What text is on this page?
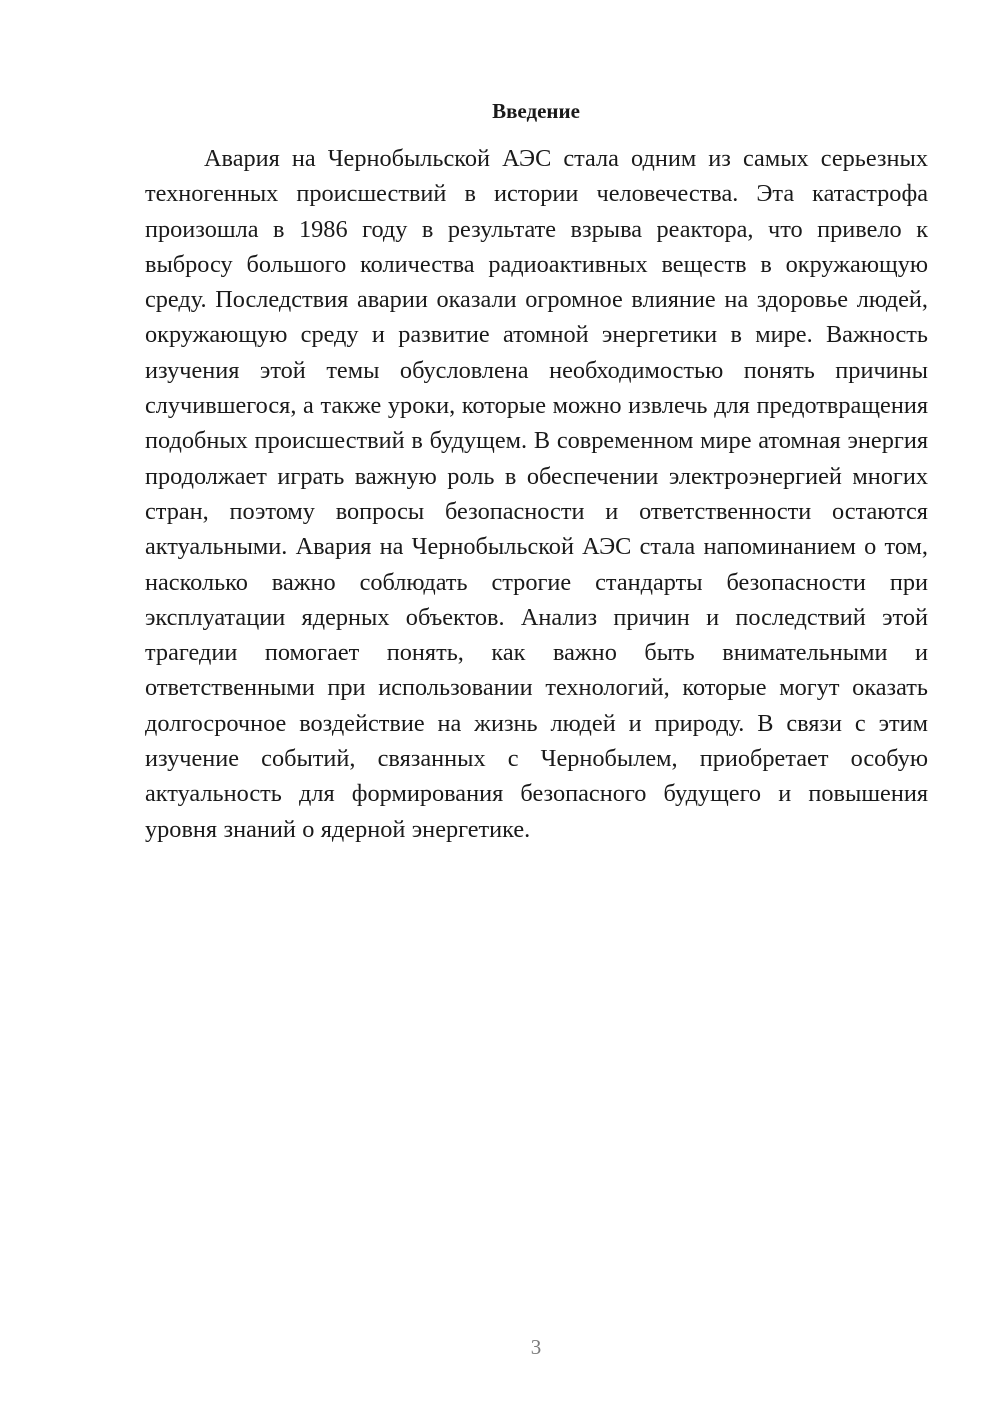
Введение

Авария на Чернобыльской АЭС стала одним из самых серьезных техногенных происшествий в истории человечества. Эта катастрофа произошла в 1986 году в результате взрыва реактора, что привело к выбросу большого количества радиоактивных веществ в окружающую среду. Последствия аварии оказали огромное влияние на здоровье людей, окружающую среду и развитие атомной энергетики в мире. Важность изучения этой темы обусловлена необходимостью понять причины случившегося, а также уроки, которые можно извлечь для предотвращения подобных происшествий в будущем. В современном мире атомная энергия продолжает играть важную роль в обеспечении электроэнергией многих стран, поэтому вопросы безопасности и ответственности остаются актуальными. Авария на Чернобыльской АЭС стала напоминанием о том, насколько важно соблюдать строгие стандарты безопасности при эксплуатации ядерных объектов. Анализ причин и последствий этой трагедии помогает понять, как важно быть внимательными и ответственными при использовании технологий, которые могут оказать долгосрочное воздействие на жизнь людей и природу. В связи с этим изучение событий, связанных с Чернобылем, приобретает особую актуальность для формирования безопасного будущего и повышения уровня знаний о ядерной энергетике.

3
